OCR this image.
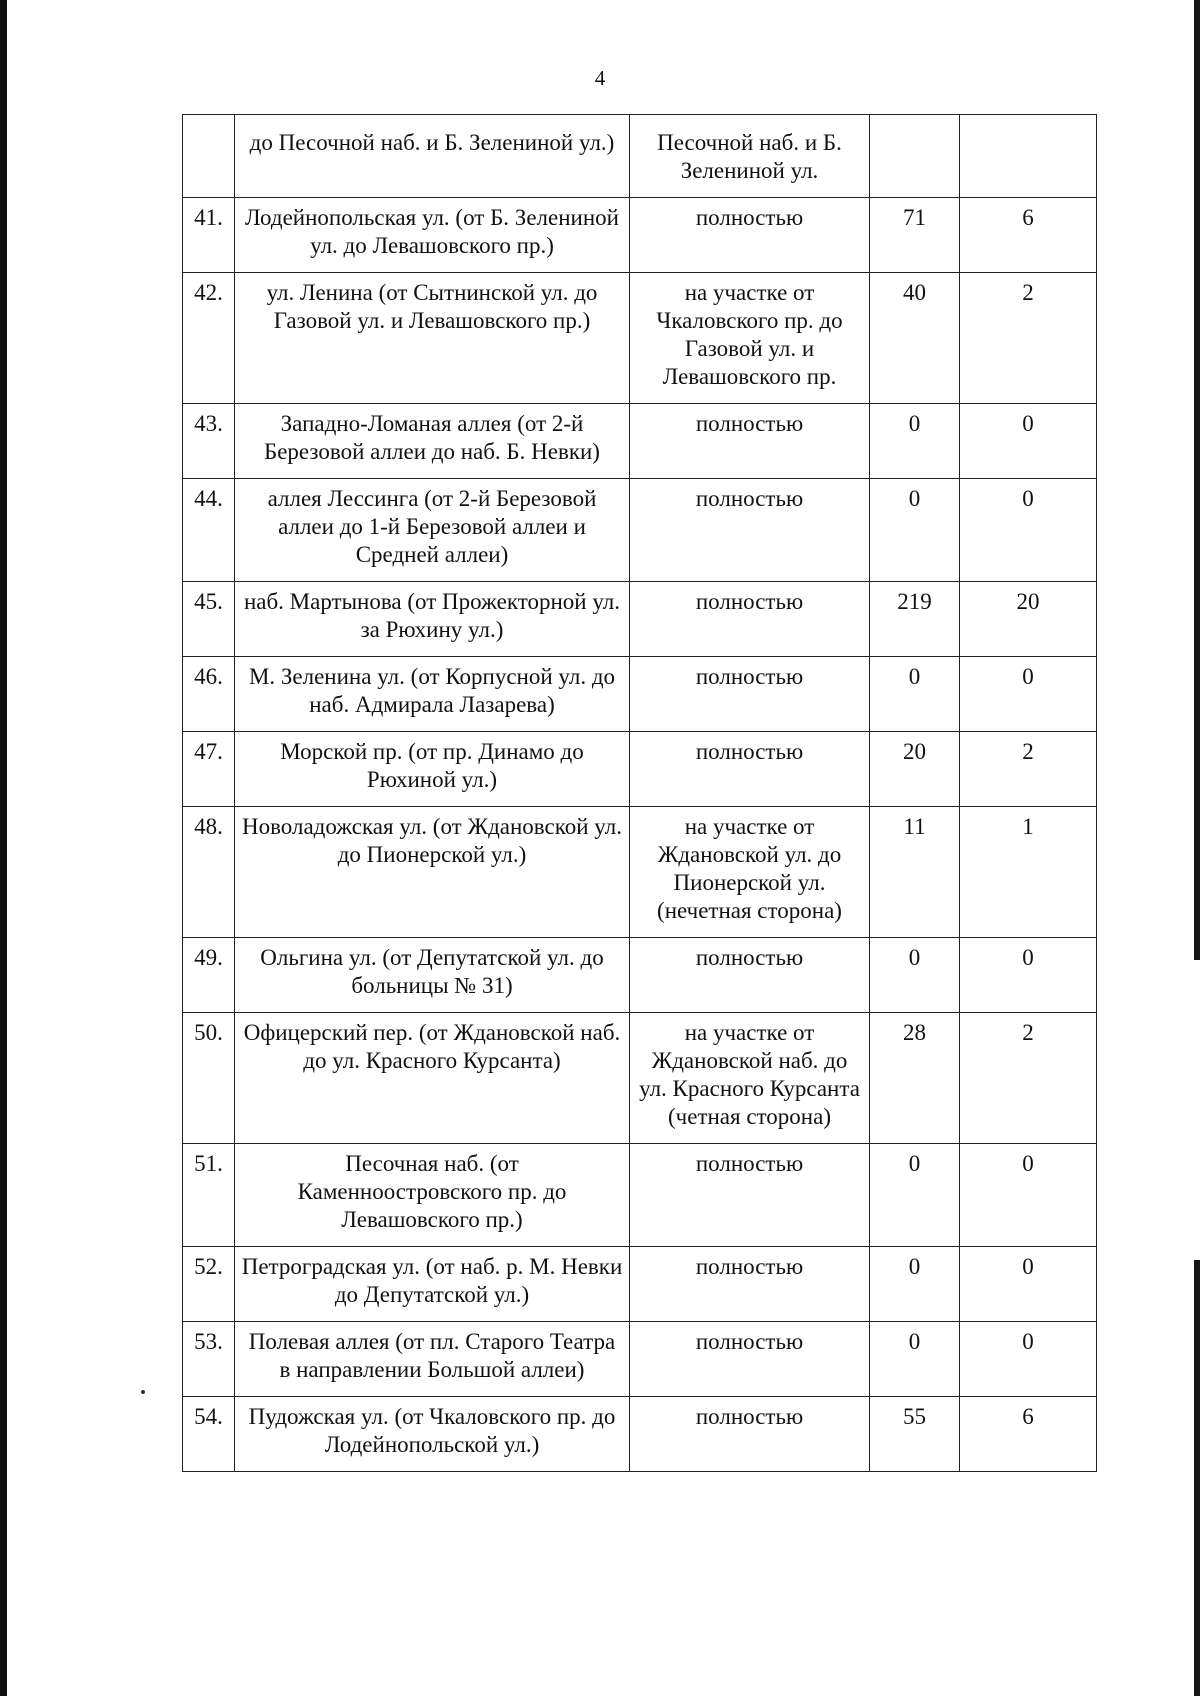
4
	до Песочной наб. и Б. Зелениной ул.)	Песочной наб. и Б. Зелениной ул.		
41.	Лодейнопольская ул. (от Б. Зелениной ул. до Левашовского пр.)	полностью	71	6
42.	ул. Ленина (от Сытнинской ул. до Газовой ул. и Левашовского пр.)	на участке от Чкаловского пр. до Газовой ул. и Левашовского пр.	40	2
43.	Западно-Ломаная аллея (от 2-й Березовой аллеи до наб. Б. Невки)	полностью	0	0
44.	аллея Лессинга (от 2-й Березовой аллеи до 1-й Березовой аллеи и Средней аллеи)	полностью	0	0
45.	наб. Мартынова (от Прожекторной ул. за Рюхину ул.)	полностью	219	20
46.	М. Зеленина ул. (от Корпусной ул. до наб. Адмирала Лазарева)	полностью	0	0
47.	Морской пр. (от пр. Динамо до Рюхиной ул.)	полностью	20	2
48.	Новоладожская ул. (от Ждановской ул. до Пионерской ул.)	на участке от Ждановской ул. до Пионерской ул. (нечетная сторона)	11	1
49.	Ольгина ул. (от Депутатской ул. до больницы № 31)	полностью	0	0
50.	Офицерский пер. (от Ждановской наб. до ул. Красного Курсанта)	на участке от Ждановской наб. до ул. Красного Курсанта (четная сторона)	28	2
51.	Песочная наб. (от Каменноостровского пр. до Левашовского пр.)	полностью	0	0
52.	Петроградская ул. (от наб. р. М. Невки до Депутатской ул.)	полностью	0	0
53.	Полевая аллея (от пл. Старого Театра в направлении Большой аллеи)	полностью	0	0
54.	Пудожская ул. (от Чкаловского пр. до Лодейнопольской ул.)	полностью	55	6
